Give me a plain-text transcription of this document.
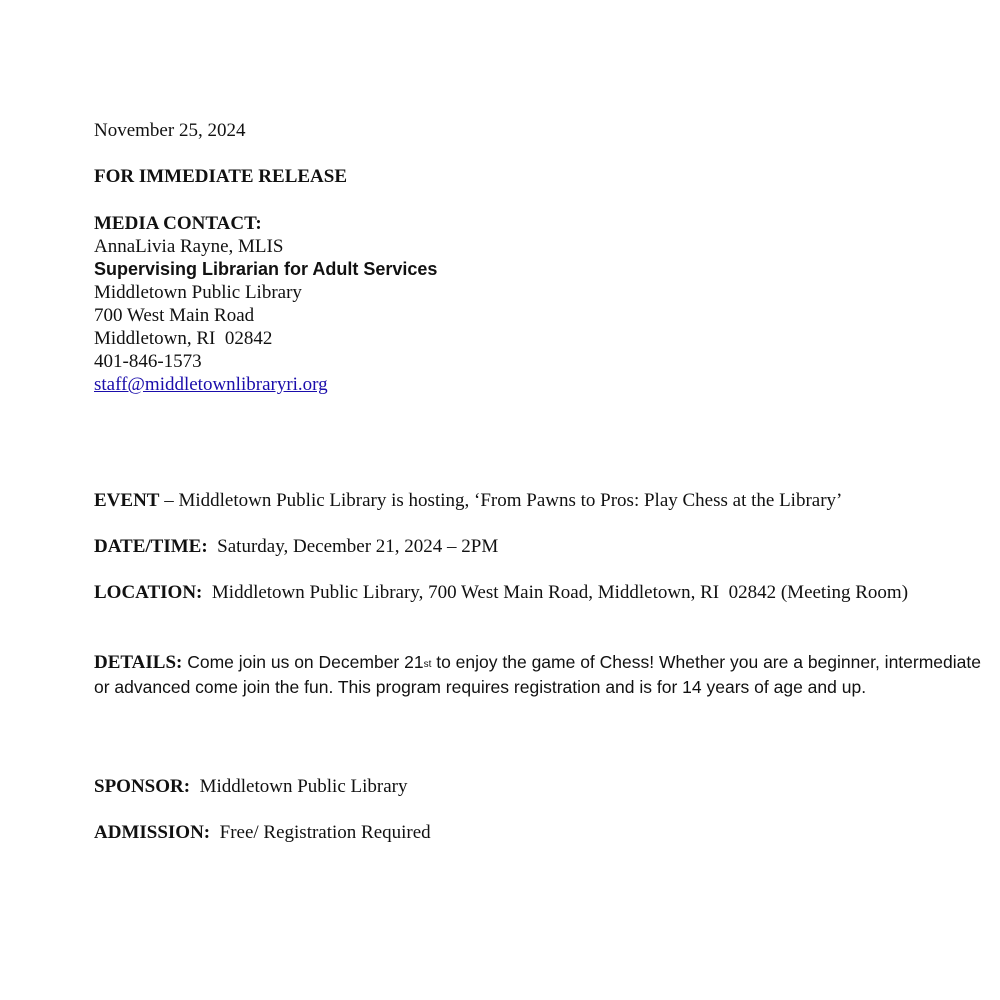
November 25, 2024
FOR IMMEDIATE RELEASE
MEDIA CONTACT:
AnnaLivia Rayne, MLIS
Supervising Librarian for Adult Services
Middletown Public Library
700 West Main Road
Middletown, RI  02842
401-846-1573
staff@middletownlibraryri.org
EVENT – Middletown Public Library is hosting, ‘From Pawns to Pros: Play Chess at the Library’
DATE/TIME:  Saturday, December 21, 2024 – 2PM
LOCATION:  Middletown Public Library, 700 West Main Road, Middletown, RI  02842 (Meeting Room)
DETAILS: Come join us on December 21st to enjoy the game of Chess! Whether you are a beginner, intermediate or advanced come join the fun. This program requires registration and is for 14 years of age and up.
SPONSOR:  Middletown Public Library
ADMISSION:  Free/ Registration Required
